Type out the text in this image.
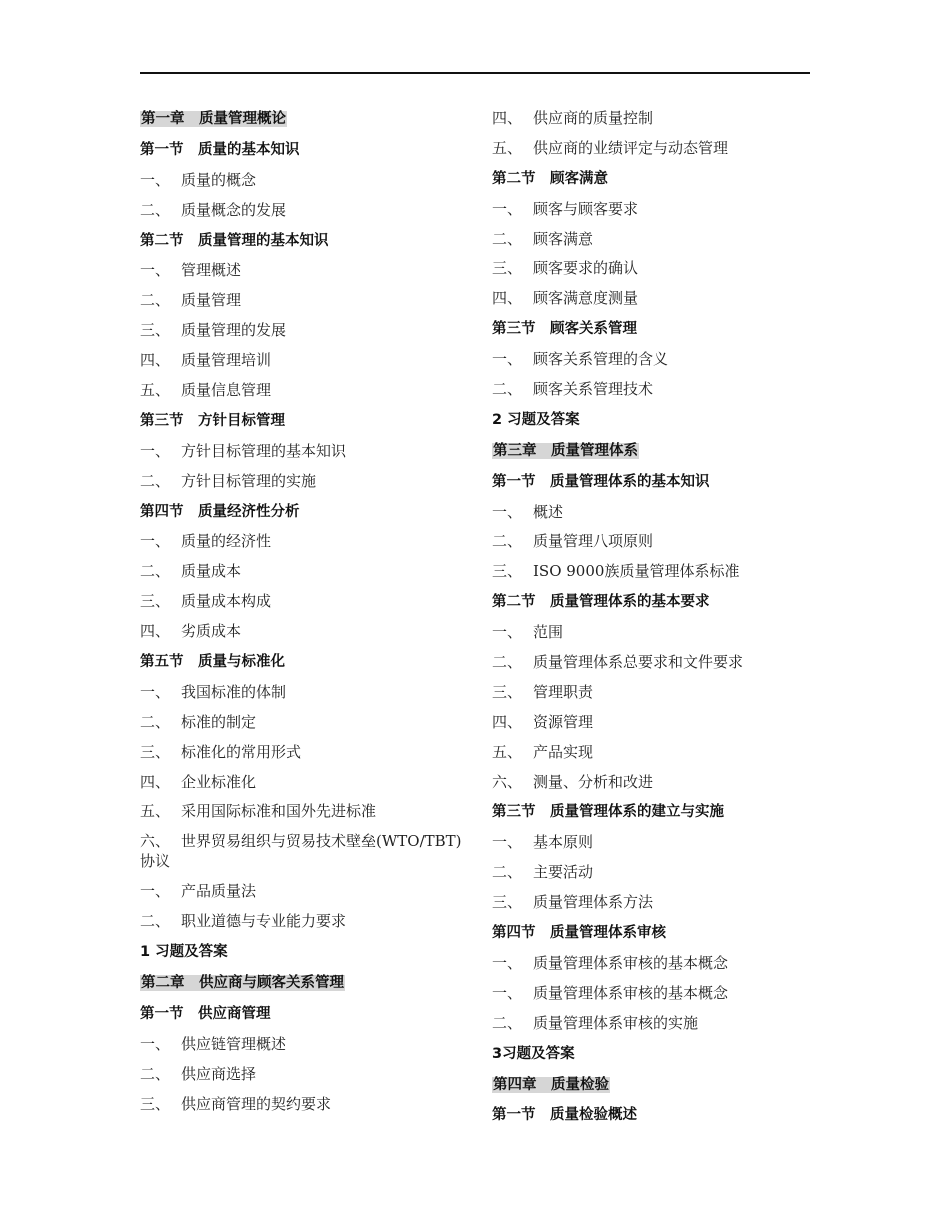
第一章　质量管理概论
第一节　质量的基本知识
一、 质量的概念
二、 质量概念的发展
第二节　质量管理的基本知识
一、 管理概述
二、 质量管理
三、 质量管理的发展
四、 质量管理培训
五、 质量信息管理
第三节　方针目标管理
一、 方针目标管理的基本知识
二、 方针目标管理的实施
第四节　质量经济性分析
一、 质量的经济性
二、 质量成本
三、 质量成本构成
四、 劣质成本
第五节　质量与标准化
一、 我国标准的体制
二、 标准的制定
三、 标准化的常用形式
四、 企业标准化
五、 采用国际标准和国外先进标准
六、 世界贸易组织与贸易技术壁垒(WTO/TBT)协议
一、 产品质量法
二、 职业道德与专业能力要求
1 习题及答案
第二章　供应商与顾客关系管理
第一节　供应商管理
一、 供应链管理概述
二、 供应商选择
三、 供应商管理的契约要求
四、 供应商的质量控制
五、 供应商的业绩评定与动态管理
第二节　顾客满意
一、 顾客与顾客要求
二、 顾客满意
三、 顾客要求的确认
四、 顾客满意度测量
第三节　顾客关系管理
一、 顾客关系管理的含义
二、 顾客关系管理技术
2 习题及答案
第三章　质量管理体系
第一节　质量管理体系的基本知识
一、 概述
二、 质量管理八项原则
三、 ISO 9000族质量管理体系标准
第二节　质量管理体系的基本要求
一、 范围
二、 质量管理体系总要求和文件要求
三、 管理职责
四、 资源管理
五、 产品实现
六、 测量、分析和改进
第三节　质量管理体系的建立与实施
一、 基本原则
二、 主要活动
三、 质量管理体系方法
第四节　质量管理体系审核
一、 质量管理体系审核的基本概念
一、 质量管理体系审核的基本概念
二、 质量管理体系审核的实施
3习题及答案
第四章　质量检验
第一节　质量检验概述
